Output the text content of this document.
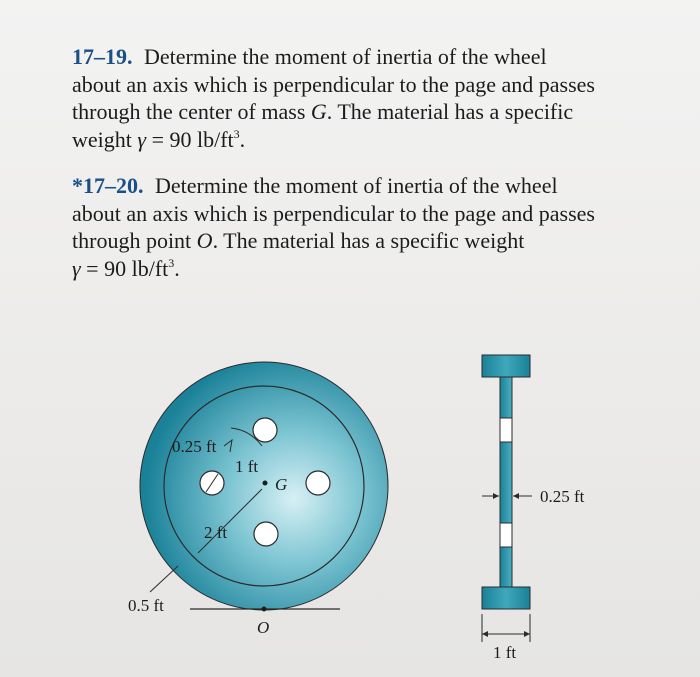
17–19. Determine the moment of inertia of the wheel
about an axis which is perpendicular to the page and passes
through the center of mass G. The material has a specific
weight γ = 90 $lb/ft^3$.
*17–20. Determine the moment of inertia of the wheel
about an axis which is perpendicular to the page and passes
through point O. The material has a specific weight
γ = 90 $lb/ft^3$.
G
0.25 ft
1 ft
2 ft
0.5 ft
O
0.25 ft
1 ft
